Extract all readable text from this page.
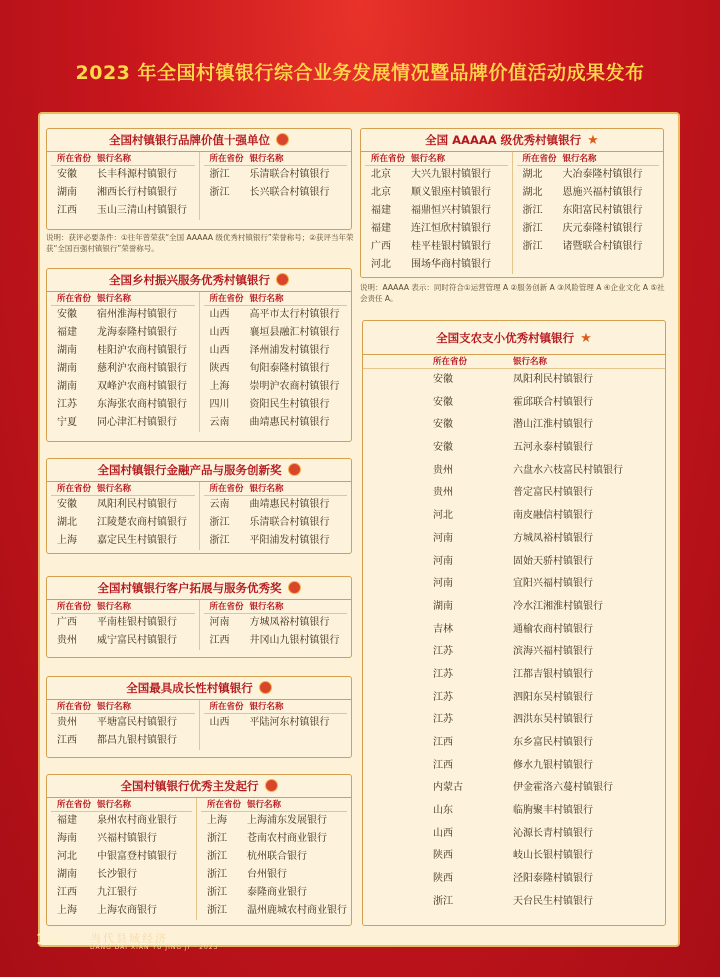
2023 年全国村镇银行综合业务发展情况暨品牌价值活动成果发布
全国村镇银行品牌价值十强单位
所在省份 银行名称
安徽	长丰科源村镇银行
湖南	湘西长行村镇银行
江西	玉山三清山村镇银行
所在省份 银行名称
浙江	乐清联合村镇银行
浙江	长兴联合村镇银行
说明：获评必要条件：①往年曾荣获“全国 AAAAA 级优秀村镇银行”荣誉称号；②获评当年荣获“全国百强村镇银行”荣誉称号。
全国 AAAAA 级优秀村镇银行 ★
所在省份 银行名称
北京	大兴九银村镇银行
北京	顺义银座村镇银行
福建	福鼎恒兴村镇银行
福建	连江恒欣村镇银行
广西	桂平桂银村镇银行
河北	围场华商村镇银行
所在省份 银行名称
湖北	大冶泰隆村镇银行
湖北	恩施兴福村镇银行
浙江	东阳富民村镇银行
浙江	庆元泰隆村镇银行
浙江	诸暨联合村镇银行
说明：AAAAA 表示：同时符合①运营管理 A ②服务创新 A ③风险管理 A ④企业文化 A ⑤社会责任 A。
全国乡村振兴服务优秀村镇银行
所在省份 银行名称
安徽	宿州淮海村镇银行
福建	龙海泰隆村镇银行
湖南	桂阳沪农商村镇银行
湖南	慈利沪农商村镇银行
湖南	双峰沪农商村镇银行
江苏	东海张农商村镇银行
宁夏	同心津汇村镇银行
所在省份 银行名称
山西	高平市太行村镇银行
山西	襄垣县融汇村镇银行
山西	泽州浦发村镇银行
陕西	旬阳泰隆村镇银行
上海	崇明沪农商村镇银行
四川	资阳民生村镇银行
云南	曲靖惠民村镇银行
全国村镇银行金融产品与服务创新奖
所在省份 银行名称
安徽	凤阳利民村镇银行
湖北	江陵楚农商村镇银行
上海	嘉定民生村镇银行
所在省份 银行名称
云南	曲靖惠民村镇银行
浙江	乐清联合村镇银行
浙江	平阳浦发村镇银行
全国村镇银行客户拓展与服务优秀奖
所在省份 银行名称
广西	平南桂银村镇银行
贵州	威宁富民村镇银行
所在省份 银行名称
河南	方城凤裕村镇银行
江西	井冈山九银村镇银行
全国最具成长性村镇银行
所在省份 银行名称
贵州	平塘富民村镇银行
江西	都昌九银村镇银行
所在省份 银行名称
山西	平陆河东村镇银行
全国村镇银行优秀主发起行
所在省份 银行名称
福建	泉州农村商业银行
海南	兴福村镇银行
河北	中银富登村镇银行
湖南	长沙银行
江西	九江银行
上海	上海农商银行
所在省份 银行名称
上海	上海浦东发展银行
浙江	苍南农村商业银行
浙江	杭州联合银行
浙江	台州银行
浙江	泰隆商业银行
浙江	温州鹿城农村商业银行
全国支农支小优秀村镇银行 ★
所在省份	银行名称
安徽	凤阳利民村镇银行
安徽	霍邱联合村镇银行
安徽	潜山江淮村镇银行
安徽	五河永泰村镇银行
贵州	六盘水六枝富民村镇银行
贵州	普定富民村镇银行
河北	南皮融信村镇银行
河南	方城凤裕村镇银行
河南	固始天骄村镇银行
河南	宜阳兴福村镇银行
湖南	冷水江湘淮村镇银行
吉林	通榆农商村镇银行
江苏	滨海兴福村镇银行
江苏	江都吉银村镇银行
江苏	泗阳东吴村镇银行
江苏	泗洪东吴村镇银行
江西	东乡富民村镇银行
江西	修水九银村镇银行
内蒙古	伊金霍洛六蔓村镇银行
山东	临朐聚丰村镇银行
山西	沁源长青村镇银行
陕西	岐山长银村镇银行
陕西	泾阳泰隆村镇银行
浙江	天台民生村镇银行
120 当代县域经济
DANG DAI XIAN YU JING JI · 2023
